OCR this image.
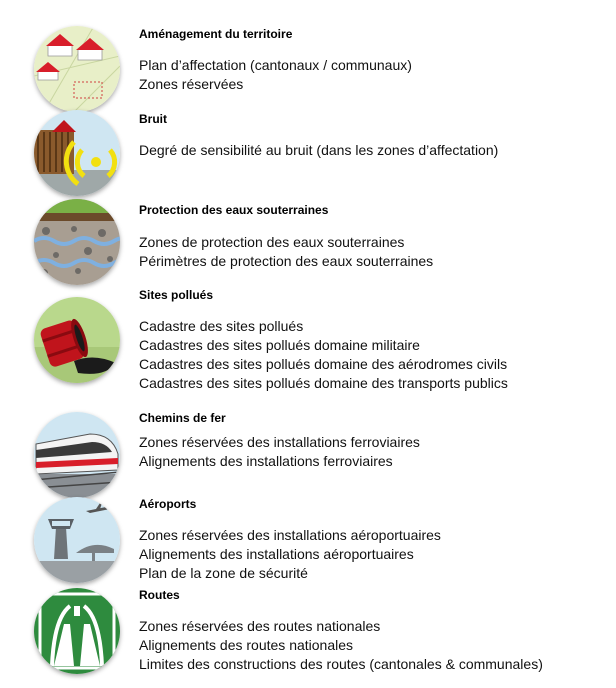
Aménagement du territoire
Plan d’affectation (cantonaux / communaux)
Zones réservées
Bruit
Degré de sensibilité au bruit (dans les zones d’affectation)
Protection des eaux souterraines
Zones de protection des eaux souterraines
Périmètres de protection des eaux souterraines
Sites pollués
Cadastre des sites pollués
Cadastres des sites pollués domaine militaire
Cadastres des sites pollués domaine des aérodromes civils
Cadastres des sites pollués domaine des transports publics
Chemins de fer
Zones réservées des installations ferroviaires
Alignements des installations ferroviaires
Aéroports
Zones réservées des installations aéroportuaires
Alignements des installations aéroportuaires
Plan de la zone de sécurité
Routes
Zones réservées des routes nationales
Alignements des routes nationales
Limites des constructions des routes (cantonales & communales)
